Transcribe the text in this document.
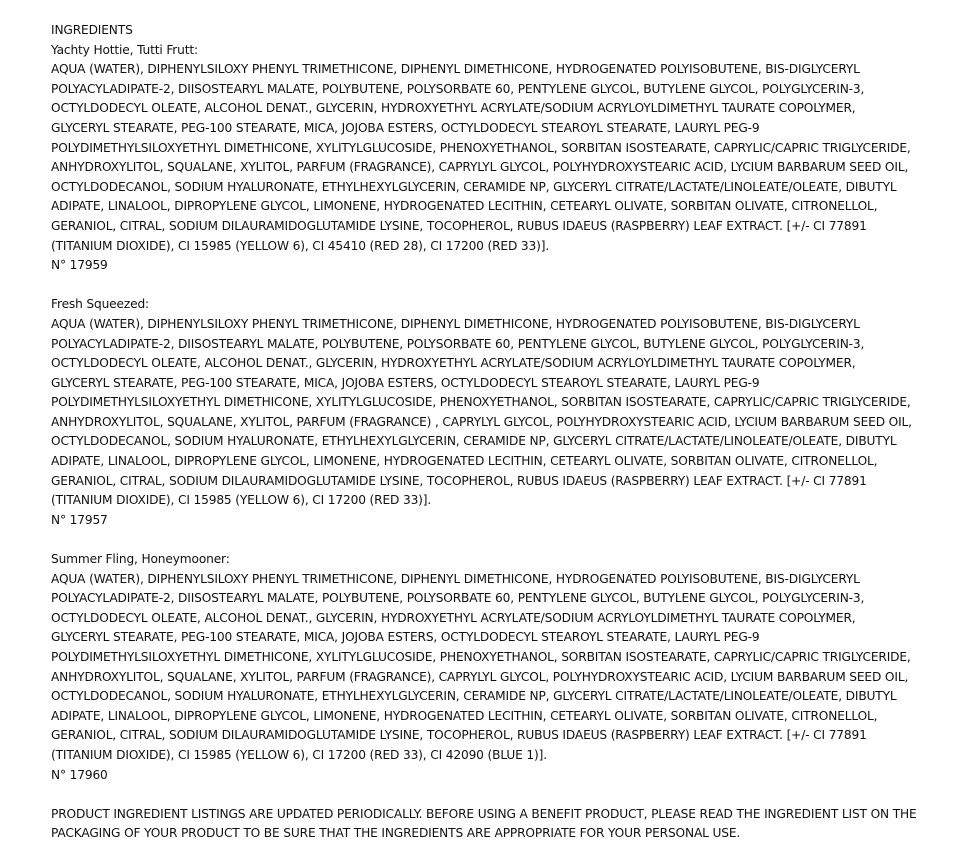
INGREDIENTS

Yachty Hottie, Tutti Frutt:

AQUA (WATER), DIPHENYLSILOXY PHENYL TRIMETHICONE, DIPHENYL DIMETHICONE, HYDROGENATED POLYISOBUTENE, BIS-DIGLYCERYL
POLYACYLADIPATE-2, DIISOSTEARYL MALATE, POLYBUTENE, POLYSORBATE 60, PENTYLENE GLYCOL, BUTYLENE GLYCOL, POLYGLYCERIN-3,
OCTYLDODECYL OLEATE, ALCOHOL DENAT., GLYCERIN, HYDROXYETHYL ACRYLATE/SODIUM ACRYLOYLDIMETHYL TAURATE COPOLYMER,
GLYCERYL STEARATE, PEG-100 STEARATE, MICA, JOJOBA ESTERS, OCTYLDODECYL STEAROYL STEARATE, LAURYL PEG-9
POLYDIMETHYLSILOXYETHYL DIMETHICONE, XYLITYLGLUCOSIDE, PHENOXYETHANOL, SORBITAN ISOSTEARATE, CAPRYLIC/CAPRIC TRIGLYCERIDE,
ANHYDROXYLITOL, SQUALANE, XYLITOL, PARFUM (FRAGRANCE), CAPRYLYL GLYCOL, POLYHYDROXYSTEARIC ACID, LYCIUM BARBARUM SEED OIL,
OCTYLDODECANOL, SODIUM HYALURONATE, ETHYLHEXYLGLYCERIN, CERAMIDE NP, GLYCERYL CITRATE/LACTATE/LINOLEATE/OLEATE, DIBUTYL
ADIPATE, LINALOOL, DIPROPYLENE GLYCOL, LIMONENE, HYDROGENATED LECITHIN, CETEARYL OLIVATE, SORBITAN OLIVATE, CITRONELLOL,
GERANIOL, CITRAL, SODIUM DILAURAMIDOGLUTAMIDE LYSINE, TOCOPHEROL, RUBUS IDAEUS (RASPBERRY) LEAF EXTRACT. [+/- CI 77891
(TITANIUM DIOXIDE), CI 15985 (YELLOW 6), CI 45410 (RED 28), CI 17200 (RED 33)].

N° 17959

Fresh Squeezed:

AQUA (WATER), DIPHENYLSILOXY PHENYL TRIMETHICONE, DIPHENYL DIMETHICONE, HYDROGENATED POLYISOBUTENE, BIS-DIGLYCERYL
POLYACYLADIPATE-2, DIISOSTEARYL MALATE, POLYBUTENE, POLYSORBATE 60, PENTYLENE GLYCOL, BUTYLENE GLYCOL, POLYGLYCERIN-3,
OCTYLDODECYL OLEATE, ALCOHOL DENAT., GLYCERIN, HYDROXYETHYL ACRYLATE/SODIUM ACRYLOYLDIMETHYL TAURATE COPOLYMER,
GLYCERYL STEARATE, PEG-100 STEARATE, MICA, JOJOBA ESTERS, OCTYLDODECYL STEAROYL STEARATE, LAURYL PEG-9
POLYDIMETHYLSILOXYETHYL DIMETHICONE, XYLITYLGLUCOSIDE, PHENOXYETHANOL, SORBITAN ISOSTEARATE, CAPRYLIC/CAPRIC TRIGLYCERIDE,
ANHYDROXYLITOL, SQUALANE, XYLITOL, PARFUM (FRAGRANCE) , CAPRYLYL GLYCOL, POLYHYDROXYSTEARIC ACID, LYCIUM BARBARUM SEED OIL,
OCTYLDODECANOL, SODIUM HYALURONATE, ETHYLHEXYLGLYCERIN, CERAMIDE NP, GLYCERYL CITRATE/LACTATE/LINOLEATE/OLEATE, DIBUTYL
ADIPATE, LINALOOL, DIPROPYLENE GLYCOL, LIMONENE, HYDROGENATED LECITHIN, CETEARYL OLIVATE, SORBITAN OLIVATE, CITRONELLOL,
GERANIOL, CITRAL, SODIUM DILAURAMIDOGLUTAMIDE LYSINE, TOCOPHEROL, RUBUS IDAEUS (RASPBERRY) LEAF EXTRACT. [+/- CI 77891
(TITANIUM DIOXIDE), CI 15985 (YELLOW 6), CI 17200 (RED 33)].

N° 17957

Summer Fling, Honeymooner:

AQUA (WATER), DIPHENYLSILOXY PHENYL TRIMETHICONE, DIPHENYL DIMETHICONE, HYDROGENATED POLYISOBUTENE, BIS-DIGLYCERYL
POLYACYLADIPATE-2, DIISOSTEARYL MALATE, POLYBUTENE, POLYSORBATE 60, PENTYLENE GLYCOL, BUTYLENE GLYCOL, POLYGLYCERIN-3,
OCTYLDODECYL OLEATE, ALCOHOL DENAT., GLYCERIN, HYDROXYETHYL ACRYLATE/SODIUM ACRYLOYLDIMETHYL TAURATE COPOLYMER,
GLYCERYL STEARATE, PEG-100 STEARATE, MICA, JOJOBA ESTERS, OCTYLDODECYL STEAROYL STEARATE, LAURYL PEG-9
POLYDIMETHYLSILOXYETHYL DIMETHICONE, XYLITYLGLUCOSIDE, PHENOXYETHANOL, SORBITAN ISOSTEARATE, CAPRYLIC/CAPRIC TRIGLYCERIDE,
ANHYDROXYLITOL, SQUALANE, XYLITOL, PARFUM (FRAGRANCE), CAPRYLYL GLYCOL, POLYHYDROXYSTEARIC ACID, LYCIUM BARBARUM SEED OIL,
OCTYLDODECANOL, SODIUM HYALURONATE, ETHYLHEXYLGLYCERIN, CERAMIDE NP, GLYCERYL CITRATE/LACTATE/LINOLEATE/OLEATE, DIBUTYL
ADIPATE, LINALOOL, DIPROPYLENE GLYCOL, LIMONENE, HYDROGENATED LECITHIN, CETEARYL OLIVATE, SORBITAN OLIVATE, CITRONELLOL,
GERANIOL, CITRAL, SODIUM DILAURAMIDOGLUTAMIDE LYSINE, TOCOPHEROL, RUBUS IDAEUS (RASPBERRY) LEAF EXTRACT. [+/- CI 77891
(TITANIUM DIOXIDE), CI 15985 (YELLOW 6), CI 17200 (RED 33), CI 42090 (BLUE 1)].

N° 17960

PRODUCT INGREDIENT LISTINGS ARE UPDATED PERIODICALLY. BEFORE USING A BENEFIT PRODUCT, PLEASE READ THE INGREDIENT LIST ON THE
PACKAGING OF YOUR PRODUCT TO BE SURE THAT THE INGREDIENTS ARE APPROPRIATE FOR YOUR PERSONAL USE.
